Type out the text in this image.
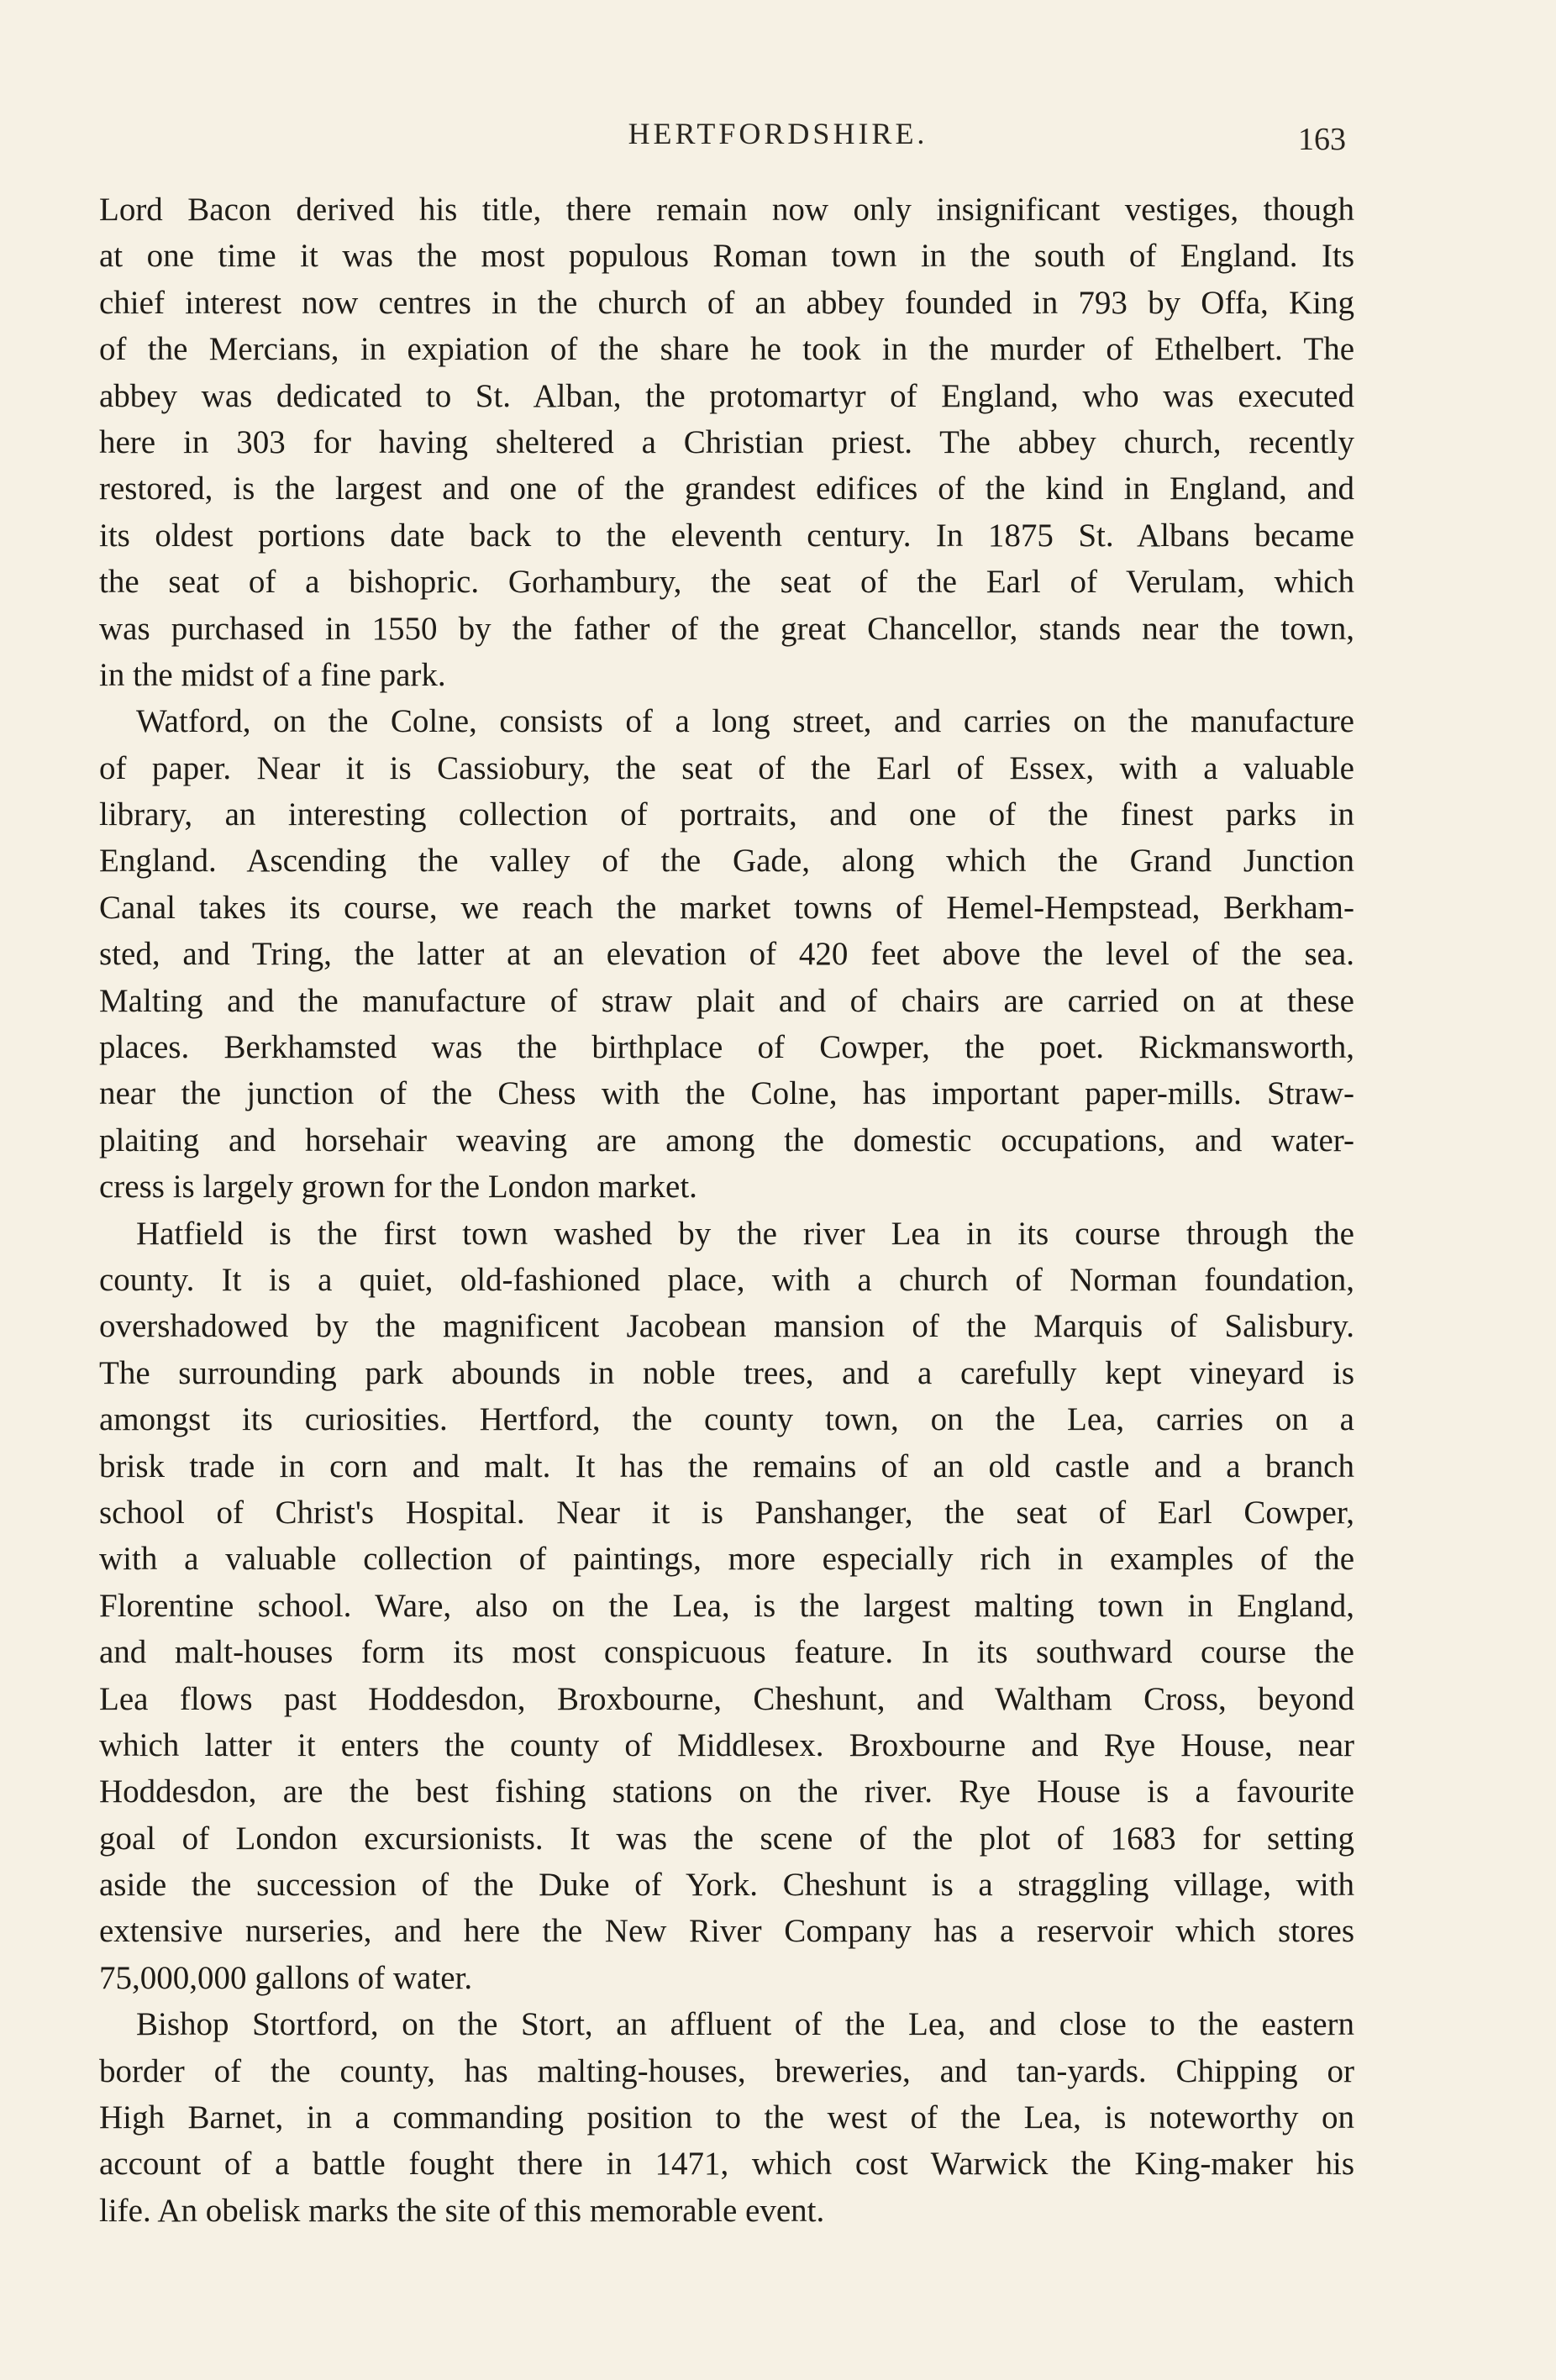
HERTFORDSHIRE.	163
Lord Bacon derived his title, there remain now only insignificant vestiges, though
at one time it was the most populous Roman town in the south of England. Its
chief interest now centres in the church of an abbey founded in 793 by Offa, King
of the Mercians, in expiation of the share he took in the murder of Ethelbert. The
abbey was dedicated to St. Alban, the protomartyr of England, who was executed
here in 303 for having sheltered a Christian priest. The abbey church, recently
restored, is the largest and one of the grandest edifices of the kind in England, and
its oldest portions date back to the eleventh century. In 1875 St. Albans became
the seat of a bishopric. Gorhambury, the seat of the Earl of Verulam, which
was purchased in 1550 by the father of the great Chancellor, stands near the town,
in the midst of a fine park.
Watford, on the Colne, consists of a long street, and carries on the manufacture
of paper. Near it is Cassiobury, the seat of the Earl of Essex, with a valuable
library, an interesting collection of portraits, and one of the finest parks in
England. Ascending the valley of the Gade, along which the Grand Junction
Canal takes its course, we reach the market towns of Hemel-Hempstead, Berkham-
sted, and Tring, the latter at an elevation of 420 feet above the level of the sea.
Malting and the manufacture of straw plait and of chairs are carried on at these
places. Berkhamsted was the birthplace of Cowper, the poet. Rickmansworth,
near the junction of the Chess with the Colne, has important paper-mills. Straw-
plaiting and horsehair weaving are among the domestic occupations, and water-
cress is largely grown for the London market.
Hatfield is the first town washed by the river Lea in its course through the
county. It is a quiet, old-fashioned place, with a church of Norman foundation,
overshadowed by the magnificent Jacobean mansion of the Marquis of Salisbury.
The surrounding park abounds in noble trees, and a carefully kept vineyard is
amongst its curiosities. Hertford, the county town, on the Lea, carries on a
brisk trade in corn and malt. It has the remains of an old castle and a branch
school of Christ's Hospital. Near it is Panshanger, the seat of Earl Cowper,
with a valuable collection of paintings, more especially rich in examples of the
Florentine school. Ware, also on the Lea, is the largest malting town in England,
and malt-houses form its most conspicuous feature. In its southward course the
Lea flows past Hoddesdon, Broxbourne, Cheshunt, and Waltham Cross, beyond
which latter it enters the county of Middlesex. Broxbourne and Rye House, near
Hoddesdon, are the best fishing stations on the river. Rye House is a favourite
goal of London excursionists. It was the scene of the plot of 1683 for setting
aside the succession of the Duke of York. Cheshunt is a straggling village, with
extensive nurseries, and here the New River Company has a reservoir which stores
75,000,000 gallons of water.
Bishop Stortford, on the Stort, an affluent of the Lea, and close to the eastern
border of the county, has malting-houses, breweries, and tan-yards. Chipping or
High Barnet, in a commanding position to the west of the Lea, is noteworthy on
account of a battle fought there in 1471, which cost Warwick the King-maker his
life. An obelisk marks the site of this memorable event.
